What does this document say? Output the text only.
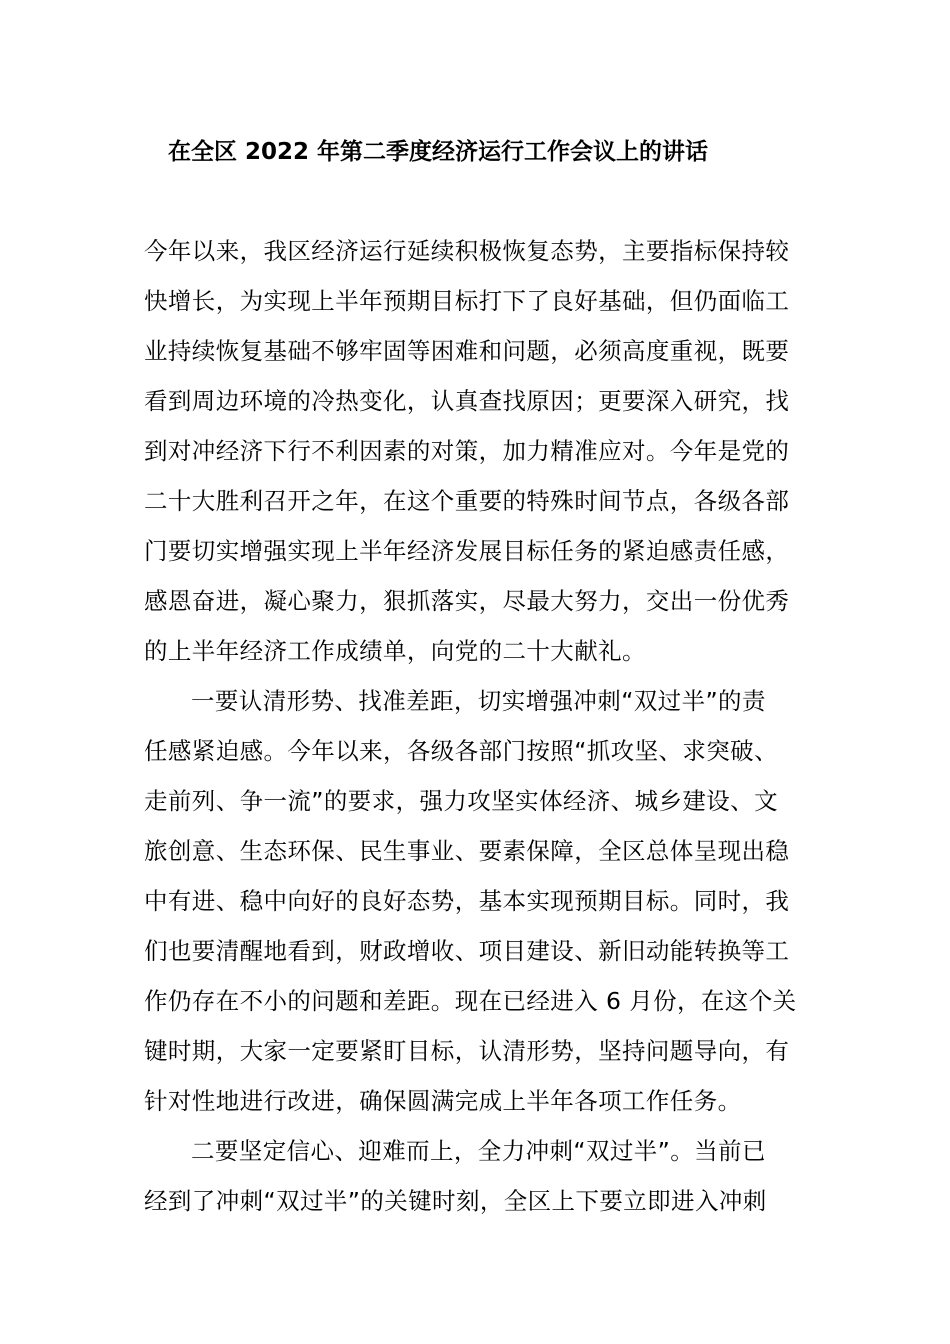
在全区 2022 年第二季度经济运行工作会议上的讲话
今年以来，我区经济运行延续积极恢复态势，主要指标保持较
快增长，为实现上半年预期目标打下了良好基础，但仍面临工
业持续恢复基础不够牢固等困难和问题，必须高度重视，既要
看到周边环境的冷热变化，认真查找原因；更要深入研究，找
到对冲经济下行不利因素的对策，加力精准应对。今年是党的
二十大胜利召开之年，在这个重要的特殊时间节点，各级各部
门要切实增强实现上半年经济发展目标任务的紧迫感责任感，
感恩奋进，凝心聚力，狠抓落实，尽最大努力，交出一份优秀
的上半年经济工作成绩单，向党的二十大献礼。
一要认清形势、找准差距，切实增强冲刺“双过半”的责
任感紧迫感。今年以来，各级各部门按照“抓攻坚、求突破、
走前列、争一流”的要求，强力攻坚实体经济、城乡建设、文
旅创意、生态环保、民生事业、要素保障，全区总体呈现出稳
中有进、稳中向好的良好态势，基本实现预期目标。同时，我
们也要清醒地看到，财政增收、项目建设、新旧动能转换等工
作仍存在不小的问题和差距。现在已经进入 6 月份，在这个关
键时期，大家一定要紧盯目标，认清形势，坚持问题导向，有
针对性地进行改进，确保圆满完成上半年各项工作任务。
二要坚定信心、迎难而上，全力冲刺“双过半”。当前已
经到了冲刺“双过半”的关键时刻，全区上下要立即进入冲刺
